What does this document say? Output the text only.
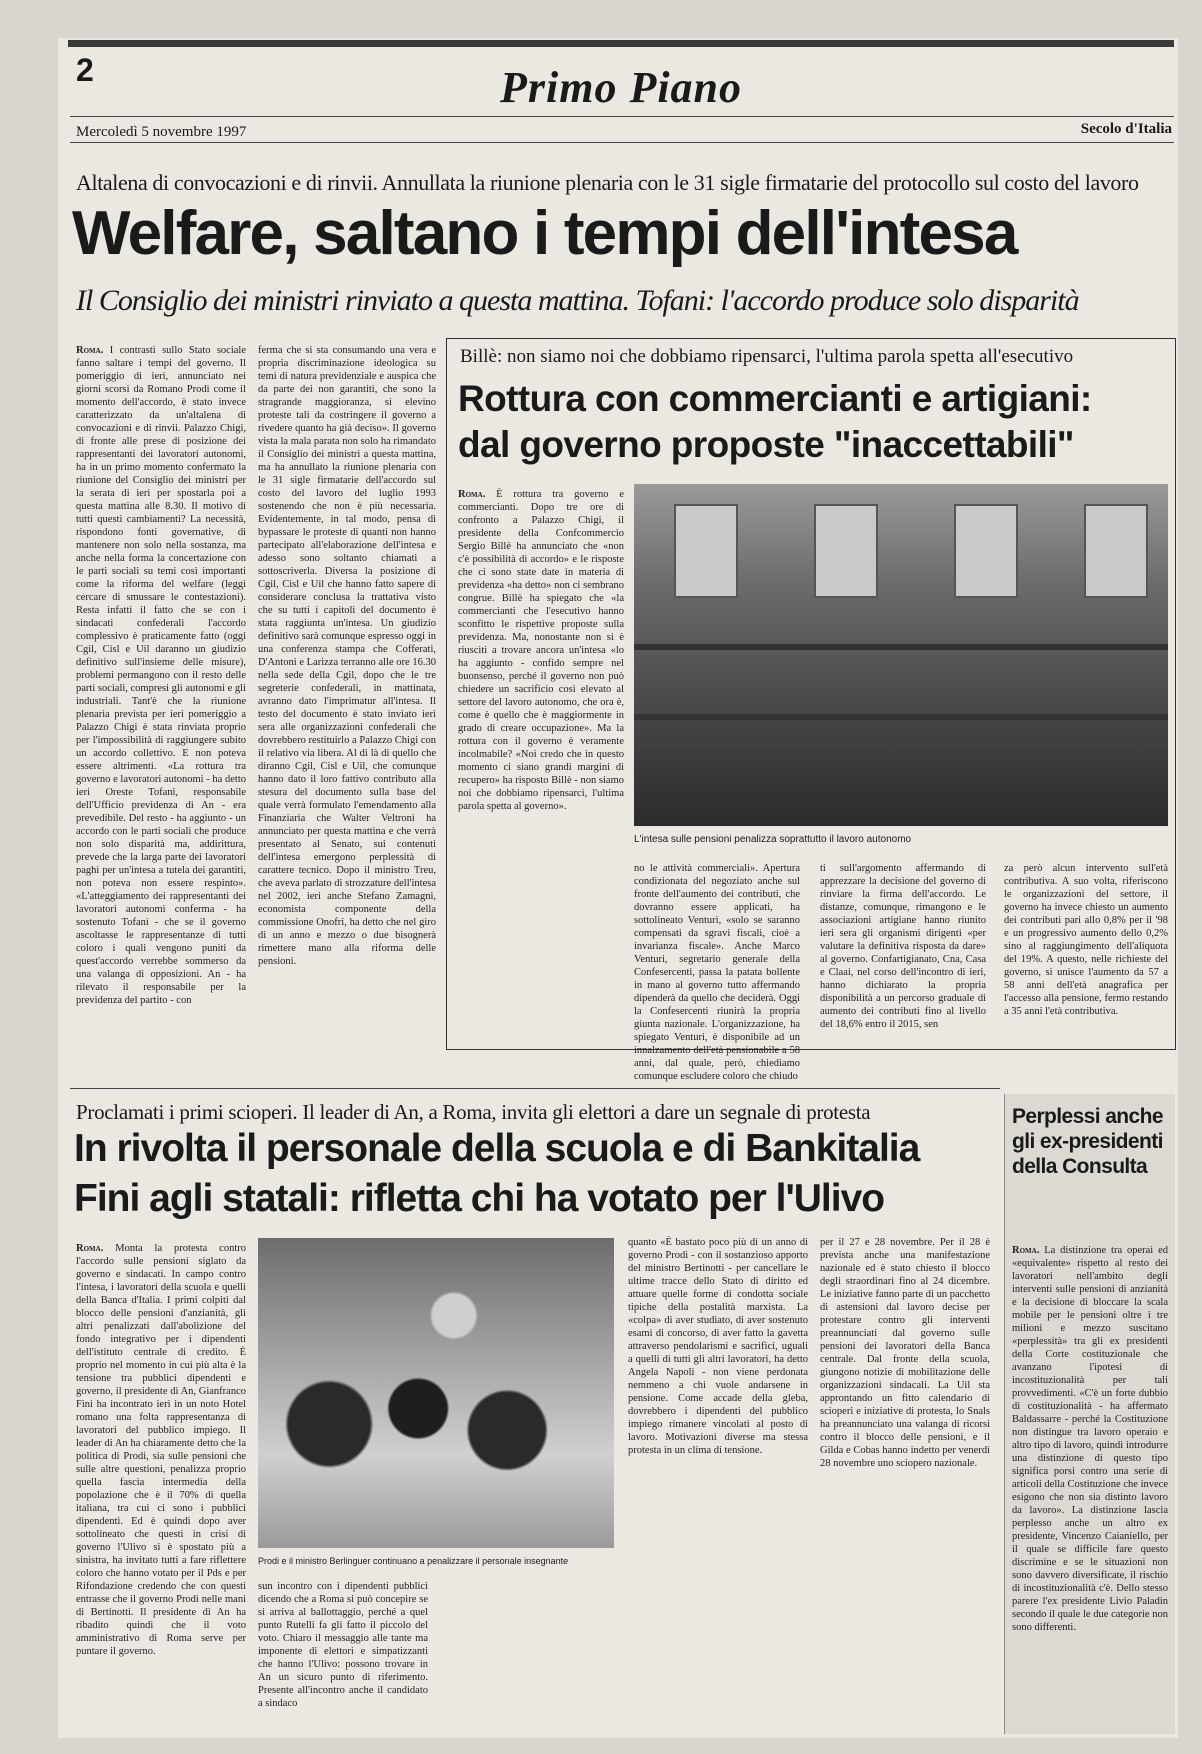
2	Primo Piano
Mercoledì 5 novembre 1997	Secolo d'Italia
Altalena di convocazioni e di rinvii. Annullata la riunione plenaria con le 31 sigle firmatarie del protocollo sul costo del lavoro
Welfare, saltano i tempi dell'intesa
Il Consiglio dei ministri rinviato a questa mattina. Tofani: l'accordo produce solo disparità
Roma. I contrasti sullo Stato sociale fanno saltare i tempi del governo. Il pomeriggio di ieri, annunciato nei giorni scorsi da Romano Prodi come il momento dell'accordo, è stato invece caratterizzato da un'altalena di convocazioni e di rinvii. Palazzo Chigi, di fronte alle prese di posizione dei rappresentanti dei lavoratori autonomi, ha in un primo momento confermato la riunione del Consiglio dei ministri per la serata di ieri per spostarla poi a questa mattina alle 8.30. Il motivo di tutti questi cambiamenti? La necessità, rispondono fonti governative, di mantenere non solo nella sostanza, ma anche nella forma la concertazione con le parti sociali su temi così importanti come la riforma del welfare (leggi cercare di smussare le contestazioni). Resta infatti il fatto che se con i sindacati confederali l'accordo complessivo è praticamente fatto (oggi Cgil, Cisl e Uil daranno un giudizio definitivo sull'insieme delle misure), problemi permangono con il resto delle parti sociali, compresi gli autonomi e gli industriali. Tant'è che la riunione plenaria prevista per ieri pomeriggio a Palazzo Chigi è stata rinviata proprio per l'impossibilità di raggiungere subito un accordo collettivo. E non poteva essere altrimenti. «La rottura tra governo e lavoratori autonomi - ha detto ieri Oreste Tofani, responsabile dell'Ufficio previdenza di An - era prevedibile. Del resto - ha aggiunto - un accordo con le parti sociali che produce non solo disparità ma, addirittura, prevede che la larga parte dei lavoratori paghi per un'intesa a tutela dei garantiti, non poteva non essere respinto». «L'atteggiamento dei rappresentanti dei lavoratori autonomi conferma - ha sostenuto Tofani - che se il governo ascoltasse le rappresentanze di tutti coloro i quali vengono puniti da quest'accordo verrebbe sommerso da una valanga di opposizioni. An - ha rilevato il responsabile per la previdenza del partito - con
ferma che si sta consumando una vera e propria discriminazione ideologica su temi di natura previdenziale e auspica che da parte dei non garantiti, che sono la stragrande maggioranza, si elevino proteste tali da costringere il governo a rivedere quanto ha già deciso». Il governo vista la mala parata non solo ha rimandato il Consiglio dei ministri a questa mattina, ma ha annullato la riunione plenaria con le 31 sigle firmatarie dell'accordo sul costo del lavoro del luglio 1993 sostenendo che non è più necessaria. Evidentemente, in tal modo, pensa di bypassare le proteste di quanti non hanno partecipato all'elaborazione dell'intesa e adesso sono soltanto chiamati a sottoscriverla. Diversa la posizione di Cgil, Cisl e Uil che hanno fatto sapere di considerare conclusa la trattativa visto che su tutti i capitoli del documento è stata raggiunta un'intesa. Un giudizio definitivo sarà comunque espresso oggi in una conferenza stampa che Cofferati, D'Antoni e Larizza terranno alle ore 16.30 nella sede della Cgil, dopo che le tre segreterie confederali, in mattinata, avranno dato l'imprimatur all'intesa. Il testo del documento è stato inviato ieri sera alle organizzazioni confederali che dovrebbero restituirlo a Palazzo Chigi con il relativo via libera. Al di là di quello che diranno Cgil, Cisl e Uil, che comunque hanno dato il loro fattivo contributo alla stesura del documento sulla base del quale verrà formulato l'emendamento alla Finanziaria che Walter Veltroni ha annunciato per questa mattina e che verrà presentato al Senato, sui contenuti dell'intesa emergono perplessità di carattere tecnico. Dopo il ministro Treu, che aveva parlato di strozzature dell'intesa nel 2002, ieri anche Stefano Zamagni, economista componente della commissione Onofri, ha detto che nel giro di un anno e mezzo o due bisognerà rimettere mano alla riforma delle pensioni.
Billè: non siamo noi che dobbiamo ripensarci, l'ultima parola spetta all'esecutivo
Rottura con commercianti e artigiani:
dal governo proposte "inaccettabili"
Roma. È rottura tra governo e commercianti. Dopo tre ore di confronto a Palazzo Chigi, il presidente della Confcommercio Sergio Billè ha annunciato che «non c'è possibilità di accordo» e le risposte che ci sono state date in materia di previdenza «ha detto» non ci sembrano congrue. Billè ha spiegato che «la commercianti che l'esecutivo hanno sconfitto le rispettive proposte sulla previdenza. Ma, nonostante non si è riusciti a trovare ancora un'intesa «lo ha aggiunto - confido sempre nel buonsenso, perché il governo non può chiedere un sacrificio così elevato al settore del lavoro autonomo, che ora è, come è quello che è maggiormente in grado di creare occupazione». Ma la rottura con il governo è veramente incolmabile? «Noi credo che in questo momento ci siano grandi margini di recupero» ha risposto Billè - non siamo noi che dobbiamo ripensarci, l'ultima parola spetta al governo».
L'intesa sulle pensioni penalizza soprattutto il lavoro autonomo
no le attività commerciali». Apertura condizionata del negoziato anche sul fronte dell'aumento dei contributi, che dovranno essere applicati, ha sottolineato Venturi, «solo se saranno compensati da sgravi fiscali, cioè a invarianza fiscale». Anche Marco Venturi, segretario generale della Confesercenti, passa la patata bollente in mano al governo tutto affermando dipenderà da quello che deciderà. Oggi la Confesercenti riunirà la propria giunta nazionale. L'organizzazione, ha spiegato Venturi, è disponibile ad un innalzamento dell'età pensionabile a 58 anni, dal quale, però, chiediamo comunque escludere coloro che chiudo
ti sull'argomento affermando di apprezzare la decisione del governo di rinviare la firma dell'accordo. Le distanze, comunque, rimangono e le associazioni artigiane hanno riunito ieri sera gli organismi dirigenti «per valutare la definitiva risposta da dare» al governo. Confartigianato, Cna, Casa e Claai, nel corso dell'incontro di ieri, hanno dichiarato la propria disponibilità a un percorso graduale di aumento dei contributi fino al livello del 18,6% entro il 2015, sen
za però alcun intervento sull'età contributiva. A suo volta, riferiscono le organizzazioni del settore, il governo ha invece chiesto un aumento dei contributi pari allo 0,8% per il '98 e un progressivo aumento dello 0,2% sino al raggiungimento dell'aliquota del 19%. A questo, nelle richieste del governo, si unisce l'aumento da 57 a 58 anni dell'età anagrafica per l'accesso alla pensione, fermo restando a 35 anni l'età contributiva.
Proclamati i primi scioperi. Il leader di An, a Roma, invita gli elettori a dare un segnale di protesta
In rivolta il personale della scuola e di Bankitalia
Fini agli statali: rifletta chi ha votato per l'Ulivo
Roma. Monta la protesta contro l'accordo sulle pensioni siglato da governo e sindacati. In campo contro l'intesa, i lavoratori della scuola e quelli della Banca d'Italia. I primi colpiti dal blocco delle pensioni d'anzianità, gli altri penalizzati dall'abolizione del fondo integrativo per i dipendenti dell'istituto centrale di credito. È proprio nel momento in cui più alta è la tensione tra pubblici dipendenti e governo, il presidente di An, Gianfranco Fini ha incontrato ieri in un noto Hotel romano una folta rappresentanza di lavoratori del pubblico impiego. Il leader di An ha chiaramente detto che la politica di Prodi, sia sulle pensioni che sulle altre questioni, penalizza proprio quella fascia intermedia della popolazione che è il 70% di quella italiana, tra cui ci sono i pubblici dipendenti. Ed è quindi dopo aver sottolineato che questi in crisi di governo l'Ulivo si è spostato più a sinistra, ha invitato tutti a fare riflettere coloro che hanno votato per il Pds e per Rifondazione credendo che con questi entrasse che il governo Prodi nelle mani di Bertinotti. Il presidente di An ha ribadito quindi che il voto amministrativo di Roma serve per puntare il governo.
Prodi e il ministro Berlinguer continuano a penalizzare il personale insegnante
sun incontro con i dipendenti pubblici dicendo che a Roma si può concepire se si arriva al ballottaggio, perché a quel punto Rutelli fa gli fatto il piccolo del voto. Chiaro il messaggio alle tante ma imponente di elettori e simpatizzanti che hanno l'Ulivo: possono trovare in An un sicuro punto di riferimento. Presente all'incontro anche il candidato a sindaco
quanto «È bastato poco più di un anno di governo Prodi - con il sostanzioso apporto del ministro Bertinotti - per cancellare le ultime tracce dello Stato di diritto ed attuare quelle forme di condotta sociale tipiche della postalità marxista. La «colpa» di aver studiato, di aver sostenuto esami di concorso, di aver fatto la gavetta attraverso pendolarismi e sacrifici, uguali a quelli di tutti gli altri lavoratori, ha detto Angela Napoli - non viene perdonata nemmeno a chi vuole andarsene in pensione. Come accade della gleba, dovrebbero i dipendenti del pubblico impiego rimanere vincolati al posto di lavoro. Motivazioni diverse ma stessa protesta in un clima di tensione.
per il 27 e 28 novembre. Per il 28 è prevista anche una manifestazione nazionale ed è stato chiesto il blocco degli straordinari fino al 24 dicembre. Le iniziative fanno parte di un pacchetto di astensioni dal lavoro decise per protestare contro gli interventi preannunciati dal governo sulle pensioni dei lavoratori della Banca centrale. Dal fronte della scuola, giungono notizie di mobilitazione delle organizzazioni sindacali. La Uil sta approntando un fitto calendario di scioperi e iniziative di protesta, lo Snals ha preannunciato una valanga di ricorsi contro il blocco delle pensioni, e il Gilda e Cobas hanno indetto per venerdì 28 novembre uno sciopero nazionale.
Perplessi anche gli ex-presidenti della Consulta
Roma. La distinzione tra operai ed «equivalente» rispetto al resto dei lavoratori nell'ambito degli interventi sulle pensioni di anzianità e la decisione di bloccare la scala mobile per le pensioni oltre i tre milioni e mezzo suscitano «perplessità» tra gli ex presidenti della Corte costituzionale che avanzano l'ipotesi di incostituzionalità per tali provvedimenti. «C'è un forte dubbio di costituzionalità - ha affermato Baldassarre - perché la Costituzione non distingue tra lavoro operaio e altro tipo di lavoro, quindi introdurre una distinzione di questo tipo significa porsi contro una serie di articoli della Costituzione che invece esigono che non sia distinto lavoro da lavoro». La distinzione lascia perplesso anche un altro ex presidente, Vincenzo Caianiello, per il quale se difficile fare questo discrimine e se le situazioni non sono davvero diversificate, il rischio di incostituzionalità c'è. Dello stesso parere l'ex presidente Livio Paladin secondo il quale le due categorie non sono differenti.
